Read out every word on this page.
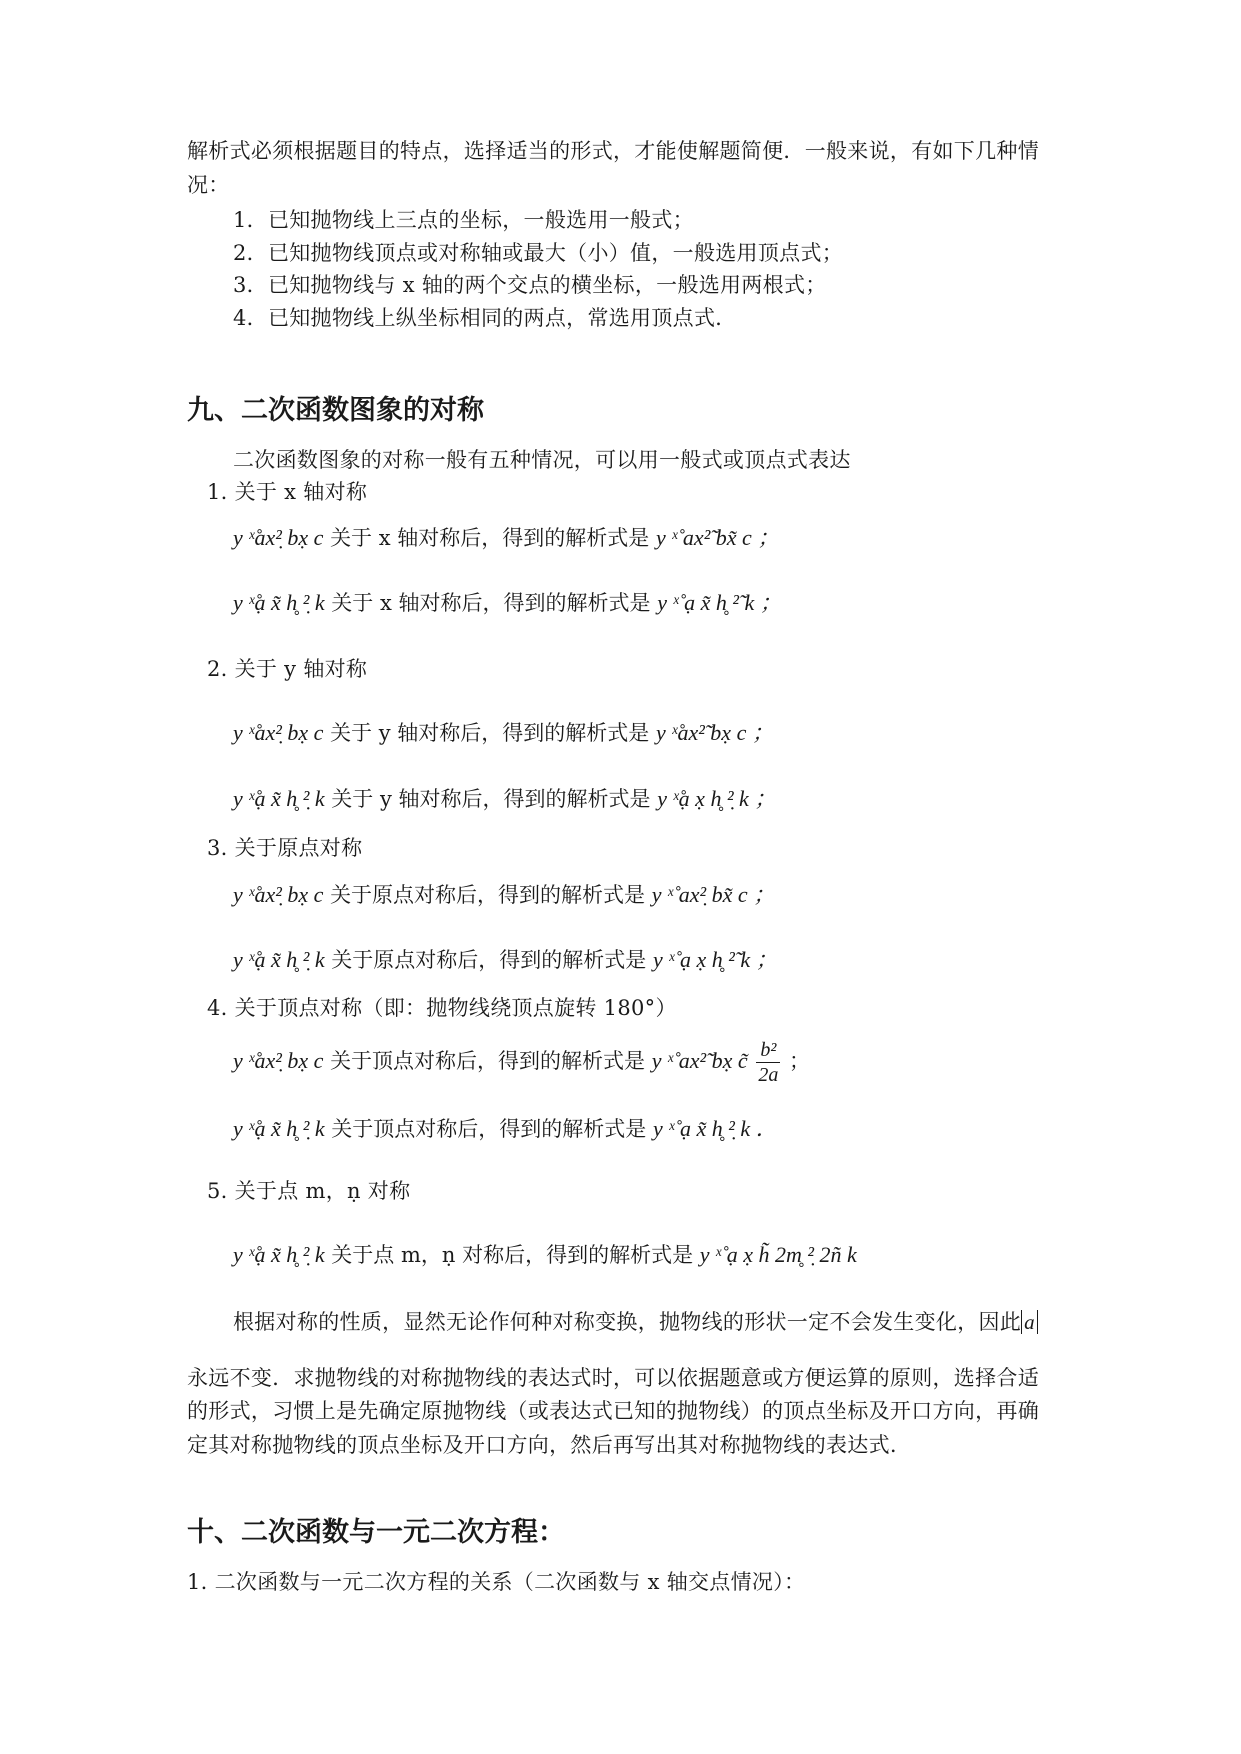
解析式必须根据题目的特点，选择适当的形式，才能使解题简便．一般来说，有如下几种情
况：
1．已知抛物线上三点的坐标，一般选用一般式；
2．已知抛物线顶点或对称轴或最大（小）值，一般选用顶点式；
3．已知抛物线与 x 轴的两个交点的横坐标，一般选用两根式；
4．已知抛物线上纵坐标相同的两点，常选用顶点式．
九、二次函数图象的对称
二次函数图象的对称一般有五种情况，可以用一般式或顶点式表达
1. 关于 x 轴对称
y ˣ̊ax²̣ bx̣ c 关于 x 轴对称后，得到的解析式是 y ˣ̊ ax²̃ bx̃ c ；
y ˣ̊ạ x̃ h̥ ²̣ k 关于 x 轴对称后，得到的解析式是 y ˣ̊ ạ x̃ h̥ ²̃ k ；
2. 关于 y 轴对称
y ˣ̊ax²̣ bx̣ c 关于 y 轴对称后，得到的解析式是 y ˣ̊ax²̃ bx̣ c ；
y ˣ̊ạ x̃ h̥ ²̣ k 关于 y 轴对称后，得到的解析式是 y ˣ̊ạ x̣ h̥ ²̣ k ；
3. 关于原点对称
y ˣ̊ax²̣ bx̣ c 关于原点对称后，得到的解析式是 y ˣ̊ ax²̣ bx̃ c ；
y ˣ̊ạ x̃ h̥ ²̣ k 关于原点对称后，得到的解析式是 y ˣ̊ ạ x̣ h̥ ²̃ k ；
4. 关于顶点对称（即：抛物线绕顶点旋转 180°）
y ˣ̊ax²̣ bx̣ c 关于顶点对称后，得到的解析式是 y ˣ̊ ax²̃ bx̣ c̃ $\frac{\text{b²}}{2a}$ ；
y ˣ̊ạ x̃ h̥ ²̣ k 关于顶点对称后，得到的解析式是 y ˣ̊ ạ x̃ h̥ ²̣ k ．
5. 关于点 m，ṇ 对称
y ˣ̊ạ x̃ h̥ ²̣ k 关于点 m，ṇ 对称后，得到的解析式是 y ˣ̊ ạ x̣ h̃ 2m̥ ²̣ 2ñ k
根据对称的性质，显然无论作何种对称变换，抛物线的形状一定不会发生变化，因此 a
永远不变．求抛物线的对称抛物线的表达式时，可以依据题意或方便运算的原则，选择合适
的形式，习惯上是先确定原抛物线（或表达式已知的抛物线）的顶点坐标及开口方向，再确
定其对称抛物线的顶点坐标及开口方向，然后再写出其对称抛物线的表达式.
十、二次函数与一元二次方程：
1. 二次函数与一元二次方程的关系（二次函数与 x 轴交点情况）：
